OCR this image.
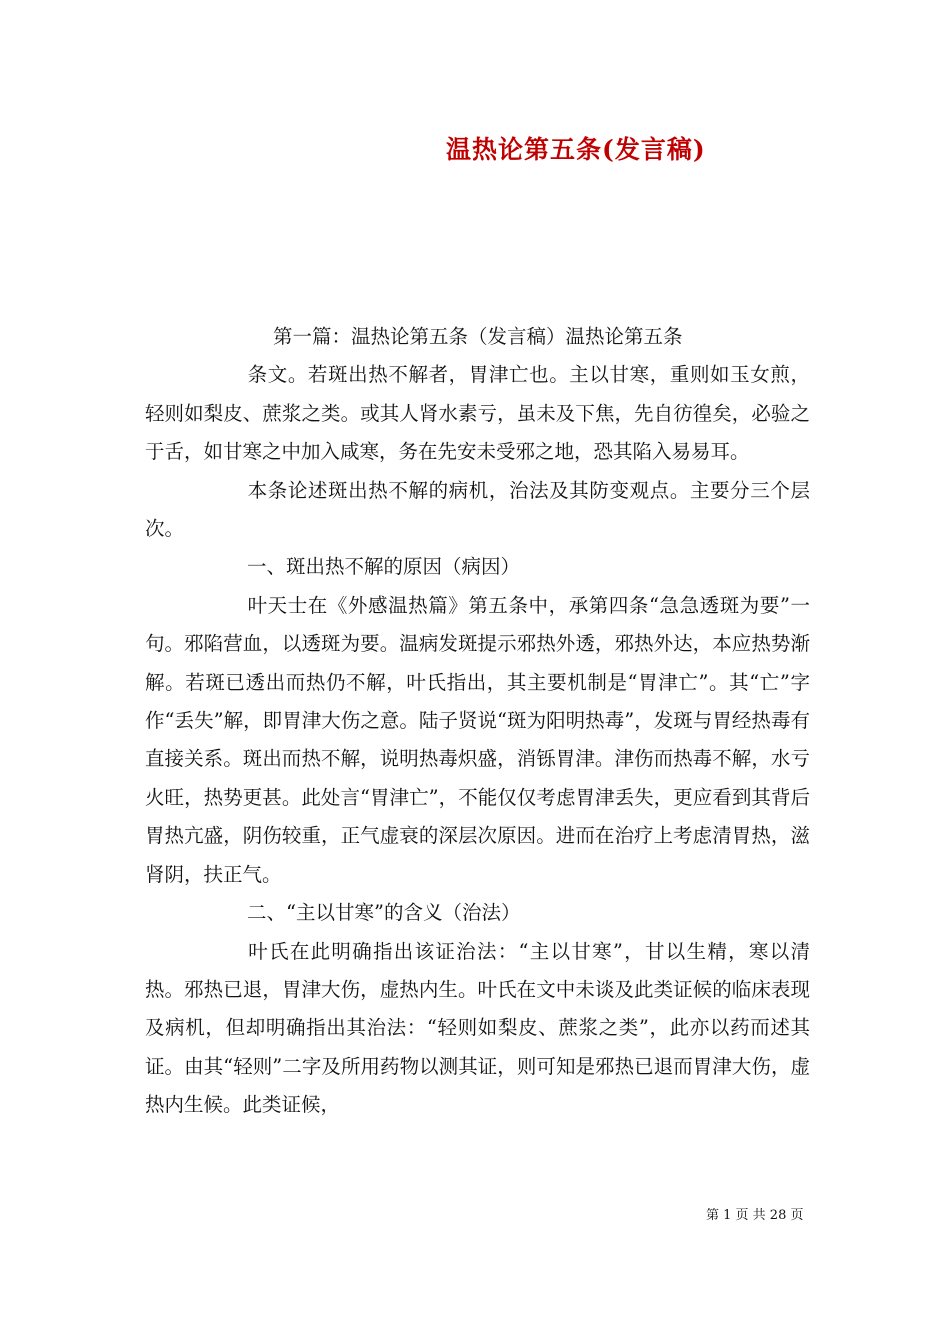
温热论第五条(发言稿)

第一篇：温热论第五条（发言稿）温热论第五条

条文。若斑出热不解者，胃津亡也。主以甘寒，重则如玉女煎，轻则如梨皮、蔗浆之类。或其人肾水素亏，虽未及下焦，先自彷徨矣，必验之于舌，如甘寒之中加入咸寒，务在先安未受邪之地，恐其陷入易易耳。

本条论述斑出热不解的病机，治法及其防变观点。主要分三个层次。

一、斑出热不解的原因（病因）

叶天士在《外感温热篇》第五条中，承第四条“急急透斑为要”一句。邪陷营血，以透斑为要。温病发斑提示邪热外透，邪热外达，本应热势渐解。若斑已透出而热仍不解，叶氏指出，其主要机制是“胃津亡”。其“亡”字作“丢失”解，即胃津大伤之意。陆子贤说“斑为阳明热毒”，发斑与胃经热毒有直接关系。斑出而热不解，说明热毒炽盛，消铄胃津。津伤而热毒不解，水亏火旺，热势更甚。此处言“胃津亡”，不能仅仅考虑胃津丢失，更应看到其背后胃热亢盛，阴伤较重，正气虚衰的深层次原因。进而在治疗上考虑清胃热，滋肾阴，扶正气。

二、“主以甘寒”的含义（治法）

叶氏在此明确指出该证治法：“主以甘寒”，甘以生精，寒以清热。邪热已退，胃津大伤，虚热内生。叶氏在文中未谈及此类证候的临床表现及病机，但却明确指出其治法：“轻则如梨皮、蔗浆之类”，此亦以药而述其证。由其“轻则”二字及所用药物以测其证，则可知是邪热已退而胃津大伤，虚热内生候。此类证候，

第 1 页 共 28 页
